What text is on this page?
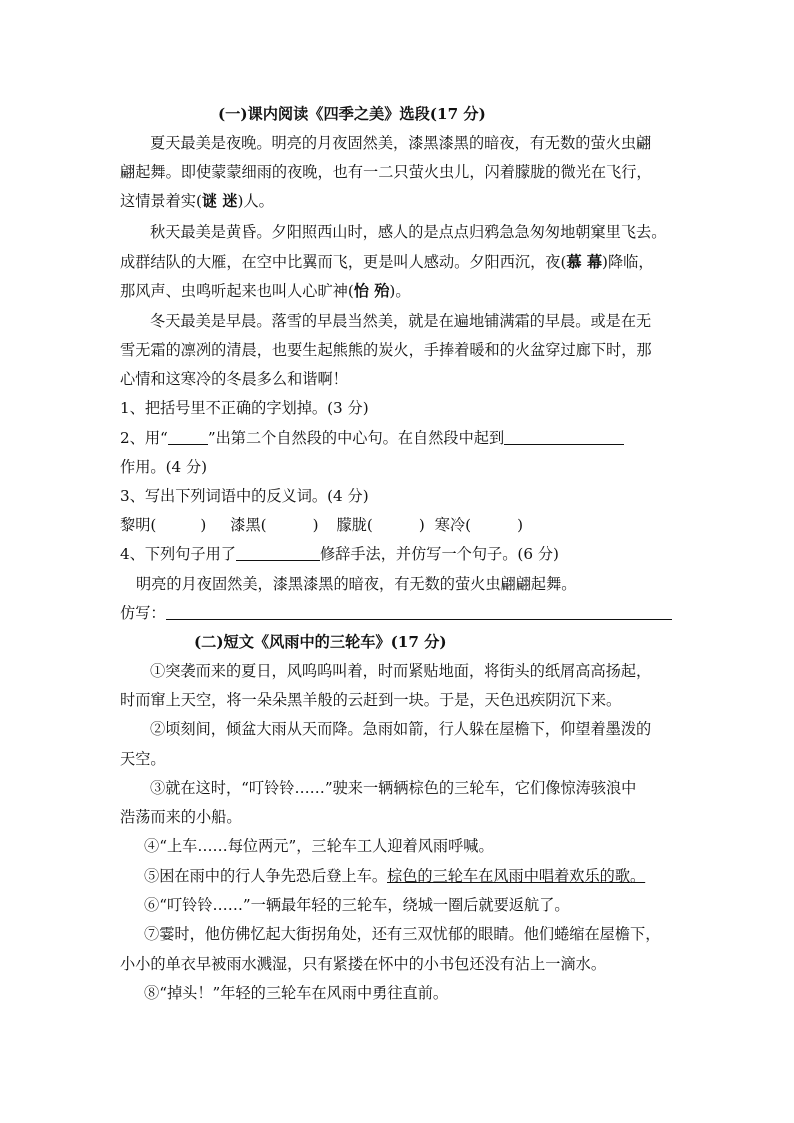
(一)课内阅读《四季之美》选段(17 分)
夏天最美是夜晚。明亮的月夜固然美，漆黑漆黑的暗夜，有无数的萤火虫翩
翩起舞。即使蒙蒙细雨的夜晚，也有一二只萤火虫儿，闪着朦胧的微光在飞行，
这情景着实(谜 迷)人。
秋天最美是黄昏。夕阳照西山时，感人的是点点归鸦急急匆匆地朝窠里飞去。
成群结队的大雁，在空中比翼而飞，更是叫人感动。夕阳西沉，夜(慕 幕)降临，
那风声、虫鸣听起来也叫人心旷神(怡 殆)。
冬天最美是早晨。落雪的早晨当然美，就是在遍地铺满霜的早晨。或是在无
雪无霜的凛冽的清晨，也要生起熊熊的炭火，手捧着暖和的火盆穿过廊下时，那
心情和这寒冷的冬晨多么和谐啊！
1、把括号里不正确的字划掉。(3 分)
2、用“	”出第二个自然段的中心句。在自然段中起到
作用。(4 分)
3、写出下列词语中的反义词。(4 分)
黎明(	) 漆黑(	) 朦胧(	) 寒冷(	)
4、下列句子用了	修辞手法，并仿写一个句子。(6 分)
明亮的月夜固然美，漆黑漆黑的暗夜，有无数的萤火虫翩翩起舞。
仿写：
(二)短文《风雨中的三轮车》(17 分)
①突袭而来的夏日，风呜呜叫着，时而紧贴地面，将街头的纸屑高高扬起，
时而窜上天空，将一朵朵黑羊般的云赶到一块。于是，天色迅疾阴沉下来。
②顷刻间，倾盆大雨从天而降。急雨如箭，行人躲在屋檐下，仰望着墨泼的
天空。
③就在这时，“叮铃铃……”驶来一辆辆棕色的三轮车，它们像惊涛骇浪中
浩荡而来的小船。
④“上车……每位两元”，三轮车工人迎着风雨呼喊。
⑤困在雨中的行人争先恐后登上车。棕色的三轮车在风雨中唱着欢乐的歌。
⑥“叮铃铃……”一辆最年轻的三轮车，绕城一圈后就要返航了。
⑦霎时，他仿佛忆起大街拐角处，还有三双忧郁的眼睛。他们蜷缩在屋檐下，
小小的单衣早被雨水溅湿，只有紧搂在怀中的小书包还没有沾上一滴水。
⑧“掉头！”年轻的三轮车在风雨中勇往直前。
